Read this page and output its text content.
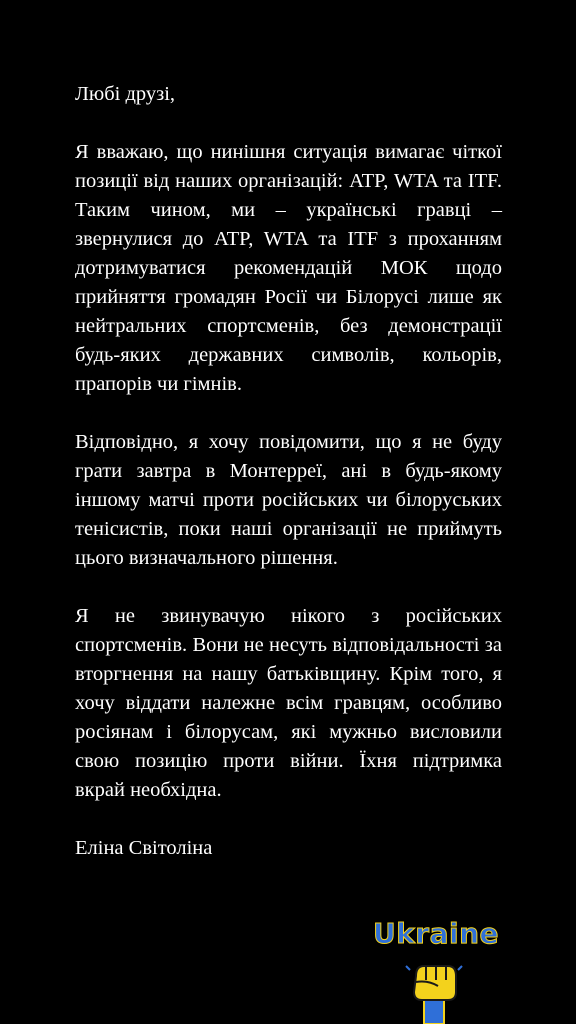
Любі друзі,

Я вважаю, що нинішня ситуація вимагає чіткої позиції від наших організацій: ATP, WTA та ITF. Таким чином, ми – українські гравці – звернулися до ATP, WTA та ITF з проханням дотримуватися рекомендацій МОК щодо прийняття громадян Росії чи Білорусі лише як нейтральних спортсменів, без демонстрації будь-яких державних символів, кольорів, прапорів чи гімнів.

Відповідно, я хочу повідомити, що я не буду грати завтра в Монтерреї, ані в будь-якому іншому матчі проти російських чи білоруських тенісистів, поки наші організації не приймуть цього визначального рішення.

Я не звинувачую нікого з російських спортсменів. Вони не несуть відповідальності за вторгнення на нашу батьківщину. Крім того, я хочу віддати належне всім гравцям, особливо росіянам і білорусам, які мужньо висловили свою позицію проти війни. Їхня підтримка вкрай необхідна.

Еліна Світоліна

Ukraine
